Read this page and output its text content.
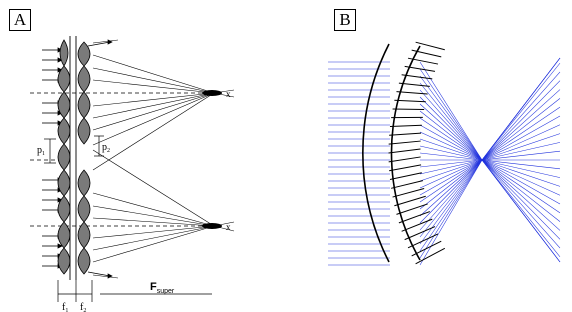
A	B
x
x
$p_1$
$p_2$
$f_1$ $f_2$
$F_{super}$
